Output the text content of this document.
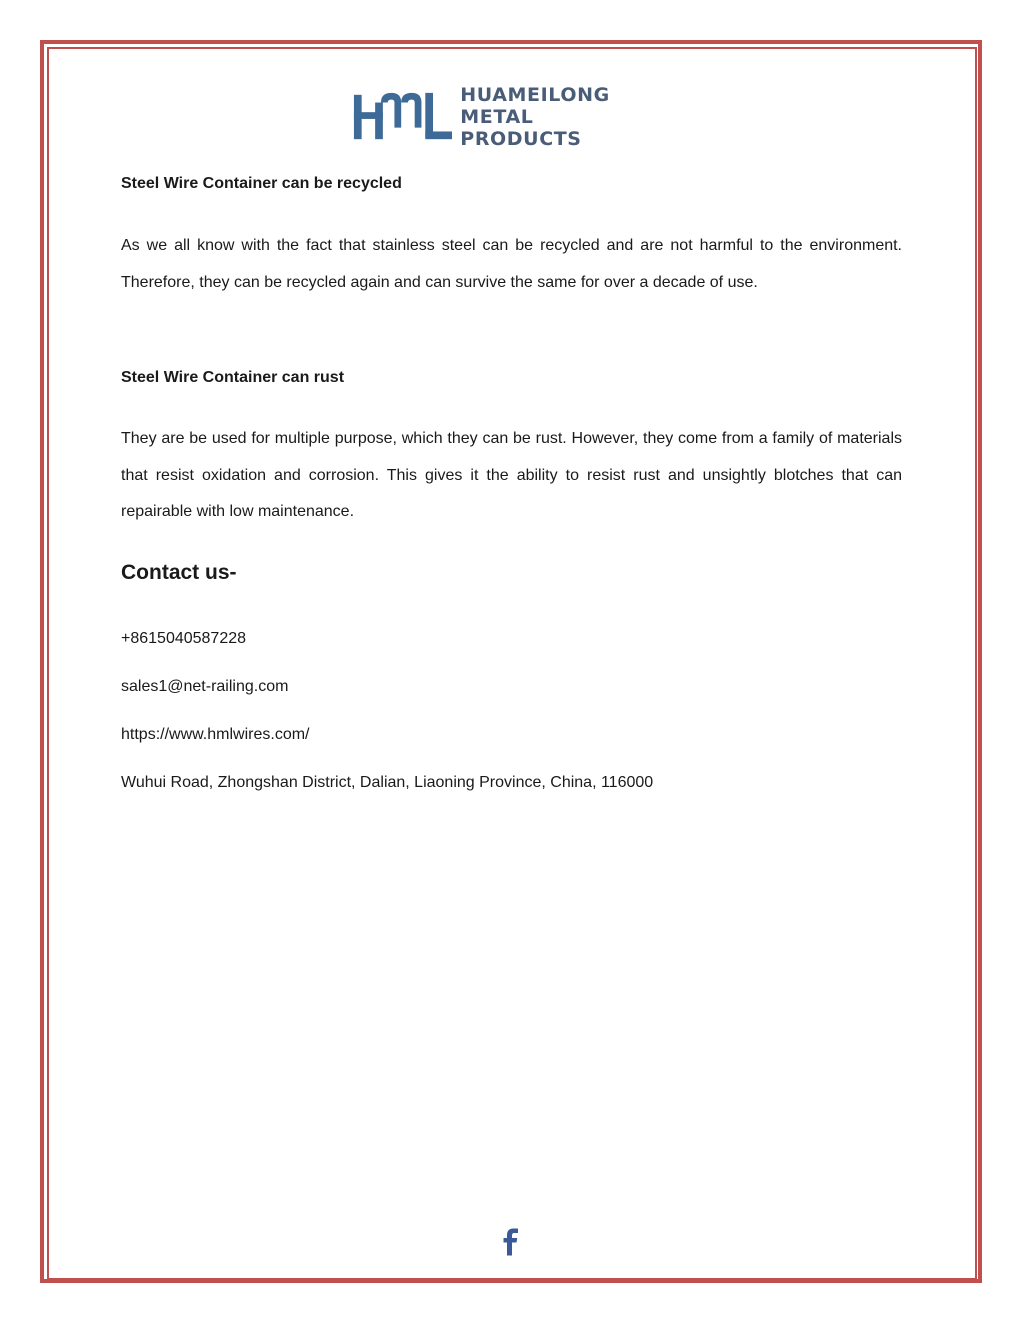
HUAMEILONG METAL
PRODUCTS
Steel Wire Container can be recycled

As we all know with the fact that stainless steel can be recycled and are not harmful to the environment. Therefore, they can be recycled again and can survive the same for over a decade of use.

Steel Wire Container can rust

They are be used for multiple purpose, which they can be rust. However, they come from a family of materials that resist oxidation and corrosion. This gives it the ability to resist rust and unsightly blotches that can repairable with low maintenance.

Contact us-

+8615040587228

sales1@net-railing.com

https://www.hmlwires.com/

Wuhui Road, Zhongshan District, Dalian, Liaoning Province, China, 116000
